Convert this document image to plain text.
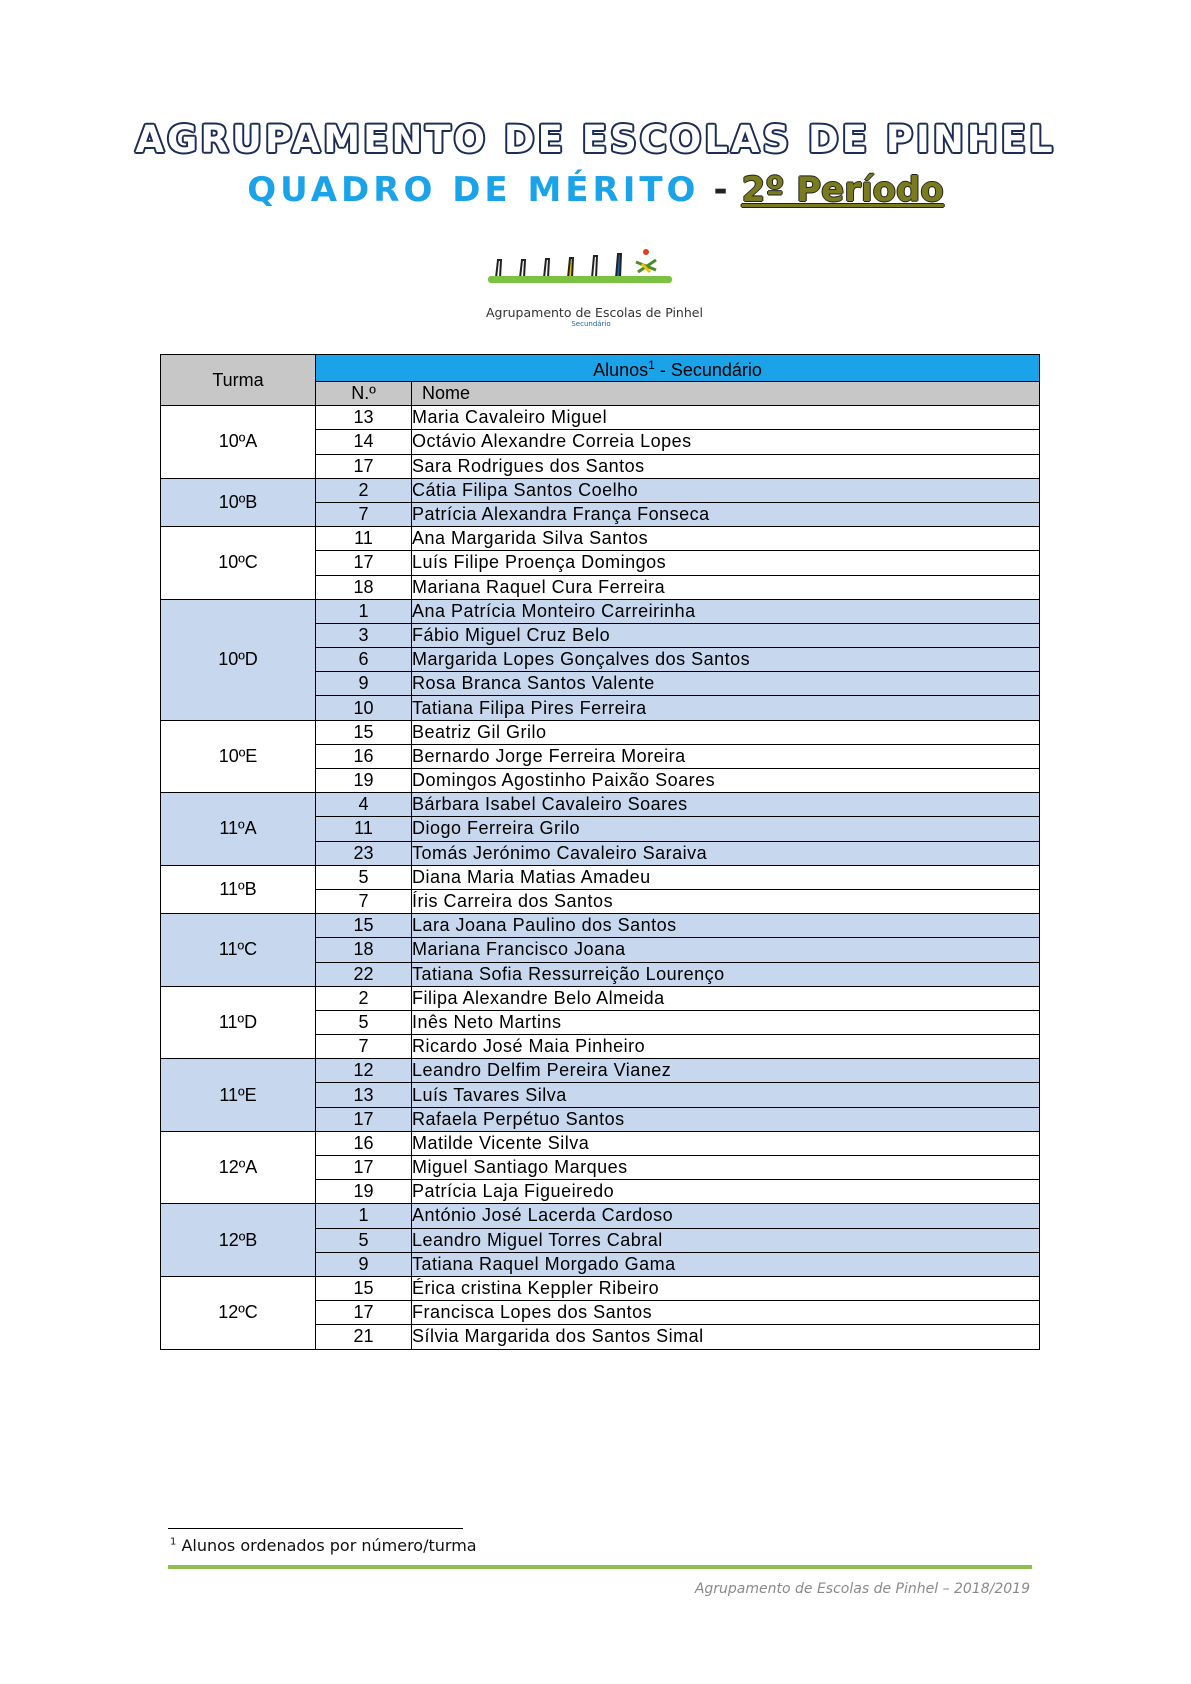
AGRUPAMENTO DE ESCOLAS DE PINHEL
QUADRO DE MÉRITO - 2º Período
Agrupamento de Escolas de Pinhel
Secundário
Turma	Alunos$^1$ - Secundário	
	N.º	Nome
10ºA	13	Maria Cavaleiro Miguel
	14	Octávio Alexandre Correia Lopes
	17	Sara Rodrigues dos Santos
10ºB	2	Cátia Filipa Santos Coelho
	7	Patrícia Alexandra França Fonseca
10ºC	11	Ana Margarida Silva Santos
	17	Luís Filipe Proença Domingos
	18	Mariana Raquel Cura Ferreira
10ºD	1	Ana Patrícia Monteiro Carreirinha
	3	Fábio Miguel Cruz Belo
	6	Margarida Lopes Gonçalves dos Santos
	9	Rosa Branca Santos Valente
	10	Tatiana Filipa Pires Ferreira
10ºE	15	Beatriz Gil Grilo
	16	Bernardo Jorge Ferreira Moreira
	19	Domingos Agostinho Paixão Soares
11ºA	4	Bárbara Isabel Cavaleiro Soares
	11	Diogo Ferreira Grilo
	23	Tomás Jerónimo Cavaleiro Saraiva
11ºB	5	Diana Maria Matias Amadeu
	7	Íris Carreira dos Santos
11ºC	15	Lara Joana Paulino dos Santos
	18	Mariana Francisco Joana
	22	Tatiana Sofia Ressurreição Lourenço
11ºD	2	Filipa Alexandre Belo Almeida
	5	Inês Neto Martins
	7	Ricardo José Maia Pinheiro
11ºE	12	Leandro Delfim Pereira Vianez
	13	Luís Tavares Silva
	17	Rafaela Perpétuo Santos
12ºA	16	Matilde Vicente Silva
	17	Miguel Santiago Marques
	19	Patrícia Laja Figueiredo
12ºB	1	António José Lacerda Cardoso
	5	Leandro Miguel Torres Cabral
	9	Tatiana Raquel Morgado Gama
12ºC	15	Érica cristina Keppler Ribeiro
	17	Francisca Lopes dos Santos
	21	Sílvia Margarida dos Santos Simal
$^1$ Alunos ordenados por número/turma
Agrupamento de Escolas de Pinhel – 2018/2019
